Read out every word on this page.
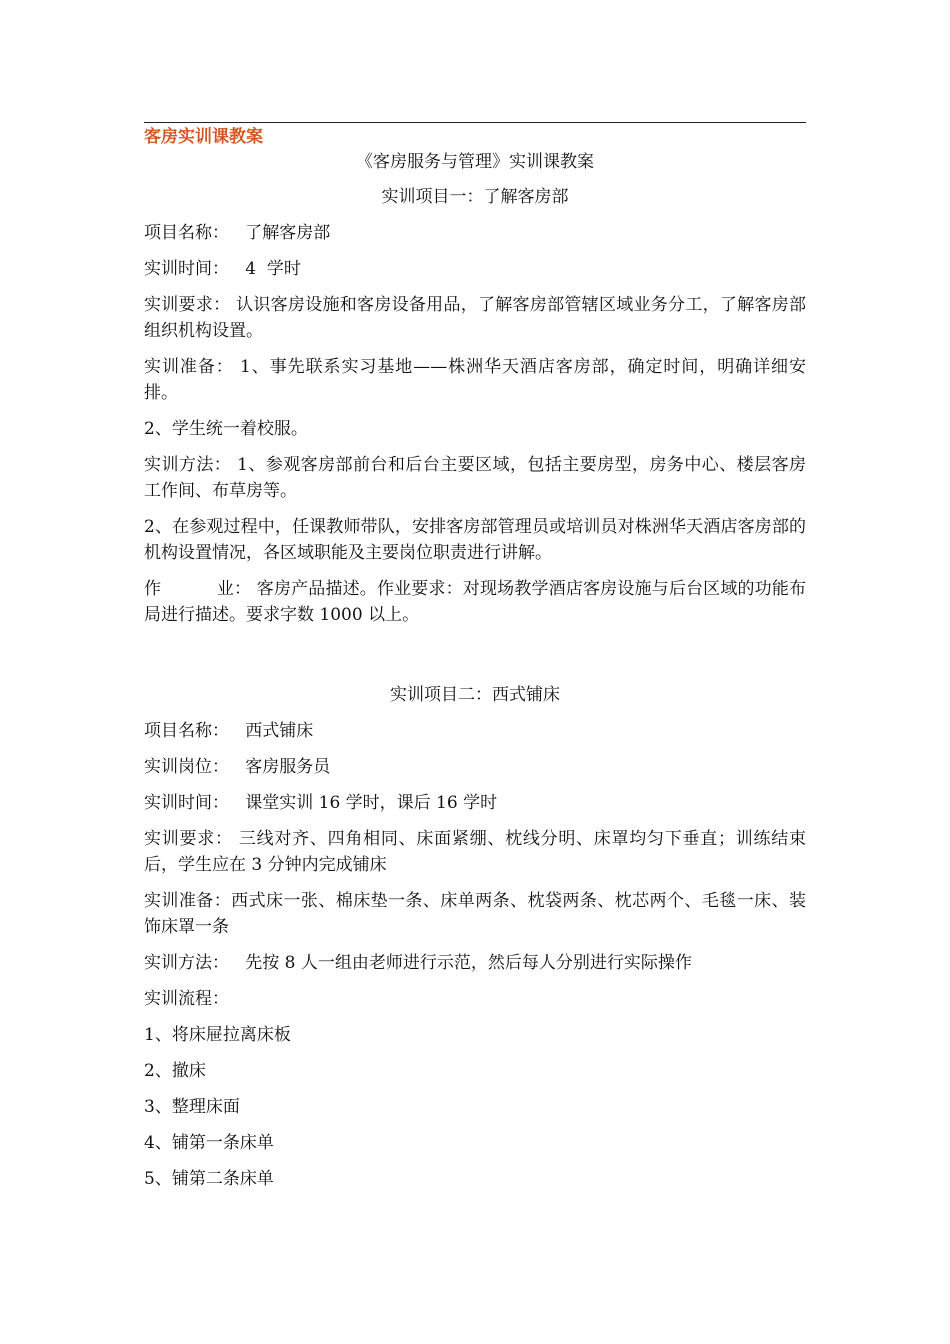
客房实训课教案

《客房服务与管理》实训课教案

实训项目一：了解客房部

项目名称： 了解客房部

实训时间： 4  学时

实训要求： 认识客房设施和客房设备用品，了解客房部管辖区域业务分工，了解客房部组织机构设置。

实训准备： 1、事先联系实习基地——株洲华天酒店客房部，确定时间，明确详细安排。

2、学生统一着校服。

实训方法： 1、参观客房部前台和后台主要区域，包括主要房型，房务中心、楼层客房工作间、布草房等。

2、在参观过程中，任课教师带队，安排客房部管理员或培训员对株洲华天酒店客房部的机构设置情况，各区域职能及主要岗位职责进行讲解。

作          业： 客房产品描述。作业要求：对现场教学酒店客房设施与后台区域的功能布局进行描述。要求字数 1000 以上。

实训项目二：西式铺床

项目名称： 西式铺床

实训岗位： 客房服务员

实训时间： 课堂实训 16 学时，课后 16 学时

实训要求： 三线对齐、四角相同、床面紧绷、枕线分明、床罩均匀下垂直；训练结束后，学生应在 3 分钟内完成铺床

实训准备：西式床一张、棉床垫一条、床单两条、枕袋两条、枕芯两个、毛毯一床、装饰床罩一条

实训方法： 先按 8 人一组由老师进行示范，然后每人分别进行实际操作

实训流程：

1、将床屉拉离床板

2、撤床

3、整理床面

4、铺第一条床单

5、铺第二条床单
